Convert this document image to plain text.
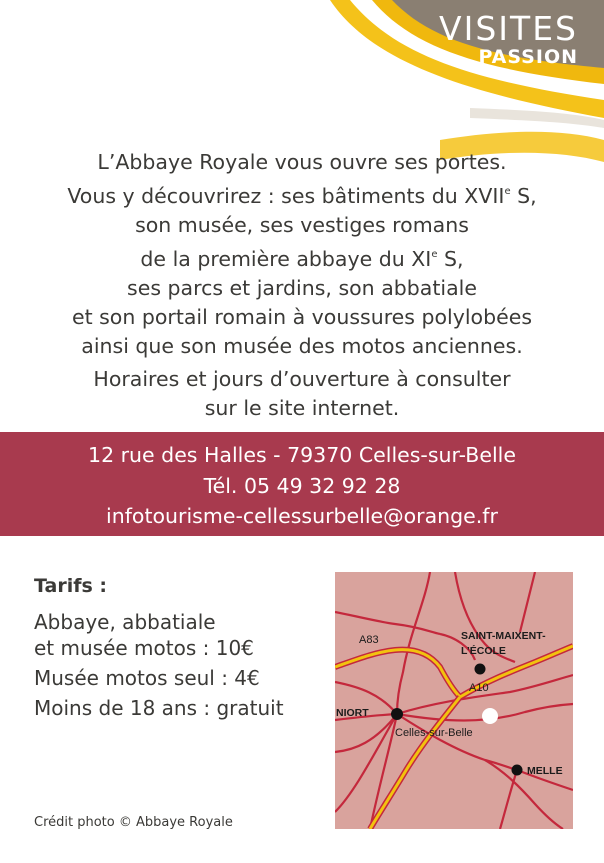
VISITES
PASSION

L’Abbaye Royale vous ouvre ses portes.

Vous y découvrirez : ses bâtiments du XVIIe S,

son musée, ses vestiges romans

de la première abbaye du XIe S,

ses parcs et jardins, son abbatiale

et son portail romain à voussures polylobées

ainsi que son musée des motos anciennes.

Horaires et jours d’ouverture à consulter

sur le site internet.

12 rue des Halles - 79370 Celles-sur-Belle
Tél. 05 49 32 92 28
infotourisme-cellessurbelle@orange.fr
Tarifs :
Abbaye, abbatiale
et musée motos : 10€
Musée motos seul : 4€
Moins de 18 ans : gratuit
Crédit photo © Abbaye Royale
A83	SAINT-MAIXENT-
L’ÉCOLE
A10
NIORT
Celles-sur-Belle
MELLE
